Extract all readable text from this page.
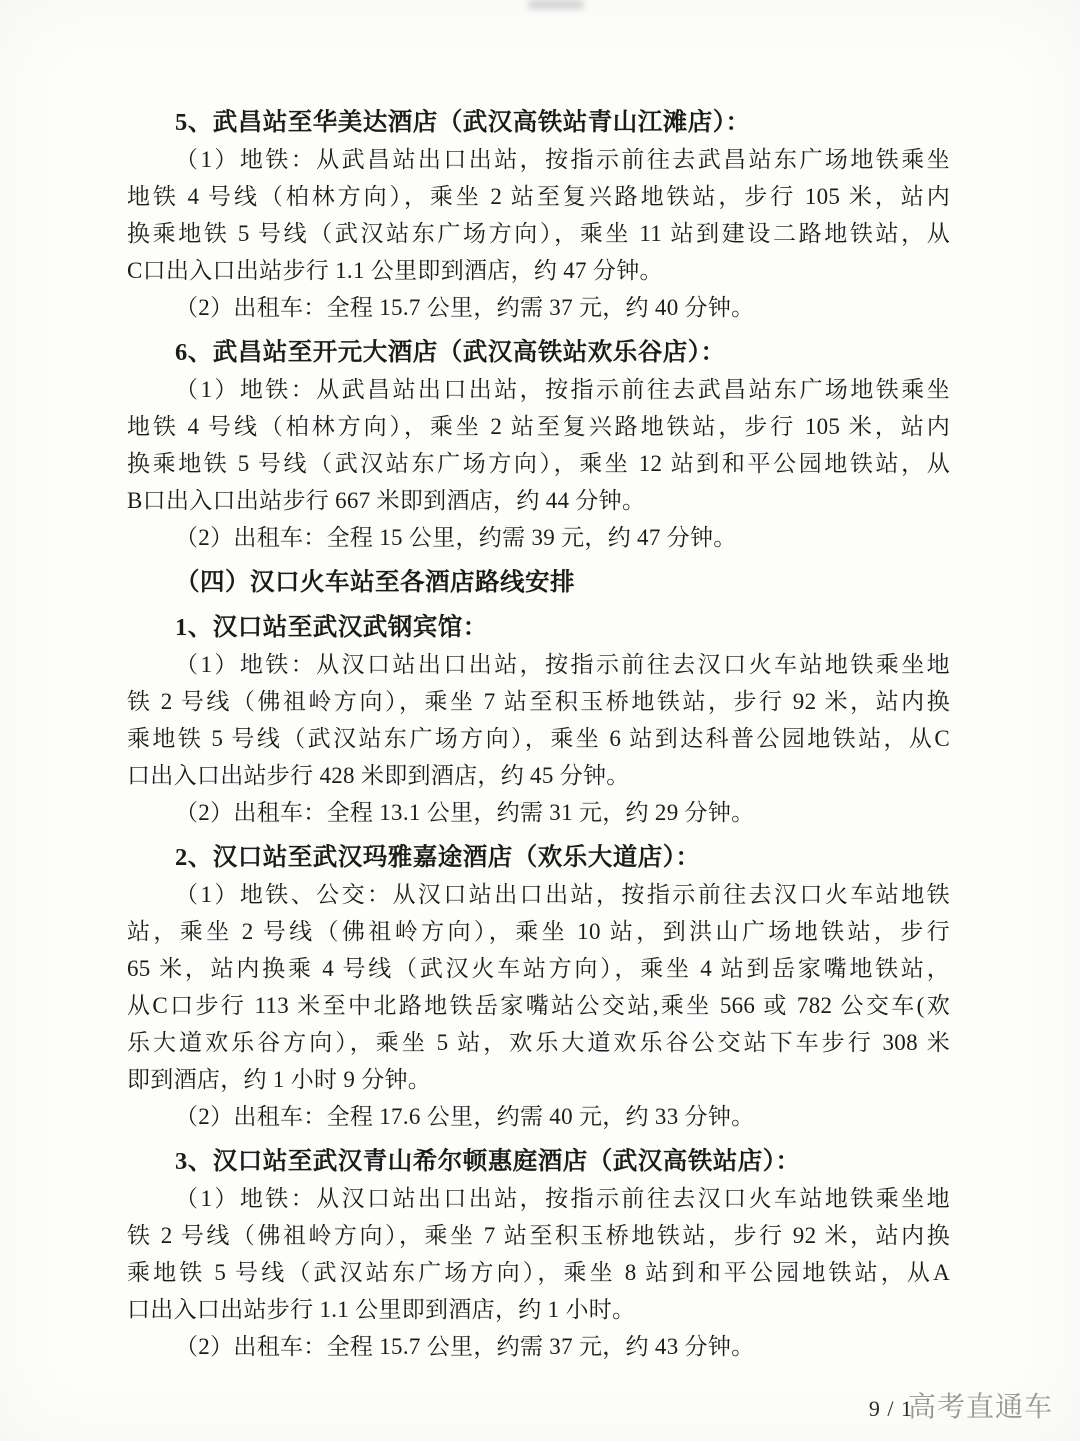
5、武昌站至华美达酒店（武汉高铁站青山江滩店）：
（1）地铁：从武昌站出口出站，按指示前往去武昌站东广场地铁乘坐
地铁 4 号线（柏林方向），乘坐 2 站至复兴路地铁站，步行 105 米，站内
换乘地铁 5 号线（武汉站东广场方向），乘坐 11 站到建设二路地铁站，从
C口出入口出站步行 1.1 公里即到酒店，约 47 分钟。
（2）出租车：全程 15.7 公里，约需 37 元，约 40 分钟。
6、武昌站至开元大酒店（武汉高铁站欢乐谷店）：
（1）地铁：从武昌站出口出站，按指示前往去武昌站东广场地铁乘坐
地铁 4 号线（柏林方向），乘坐 2 站至复兴路地铁站，步行 105 米，站内
换乘地铁 5 号线（武汉站东广场方向），乘坐 12 站到和平公园地铁站，从
B口出入口出站步行 667 米即到酒店，约 44 分钟。
（2）出租车：全程 15 公里，约需 39 元，约 47 分钟。
（四）汉口火车站至各酒店路线安排
1、汉口站至武汉武钢宾馆：
（1）地铁：从汉口站出口出站，按指示前往去汉口火车站地铁乘坐地
铁 2 号线（佛祖岭方向），乘坐 7 站至积玉桥地铁站，步行 92 米，站内换
乘地铁 5 号线（武汉站东广场方向），乘坐 6 站到达科普公园地铁站，从C
口出入口出站步行 428 米即到酒店，约 45 分钟。
（2）出租车：全程 13.1 公里，约需 31 元，约 29 分钟。
2、汉口站至武汉玛雅嘉途酒店（欢乐大道店）：
（1）地铁、公交：从汉口站出口出站，按指示前往去汉口火车站地铁
站，乘坐 2 号线（佛祖岭方向），乘坐 10 站，到洪山广场地铁站，步行
65 米，站内换乘 4 号线（武汉火车站方向），乘坐 4 站到岳家嘴地铁站，
从C口步行 113 米至中北路地铁岳家嘴站公交站,乘坐 566 或 782 公交车(欢
乐大道欢乐谷方向），乘坐 5 站，欢乐大道欢乐谷公交站下车步行 308 米
即到酒店，约 1 小时 9 分钟。
（2）出租车：全程 17.6 公里，约需 40 元，约 33 分钟。
3、汉口站至武汉青山希尔顿惠庭酒店（武汉高铁站店）：
（1）地铁：从汉口站出口出站，按指示前往去汉口火车站地铁乘坐地
铁 2 号线（佛祖岭方向），乘坐 7 站至积玉桥地铁站，步行 92 米，站内换
乘地铁 5 号线（武汉站东广场方向），乘坐 8 站到和平公园地铁站，从A
口出入口出站步行 1.1 公里即到酒店，约 1 小时。
（2）出租车：全程 15.7 公里，约需 37 元，约 43 分钟。
9 / 1
高考直通车
